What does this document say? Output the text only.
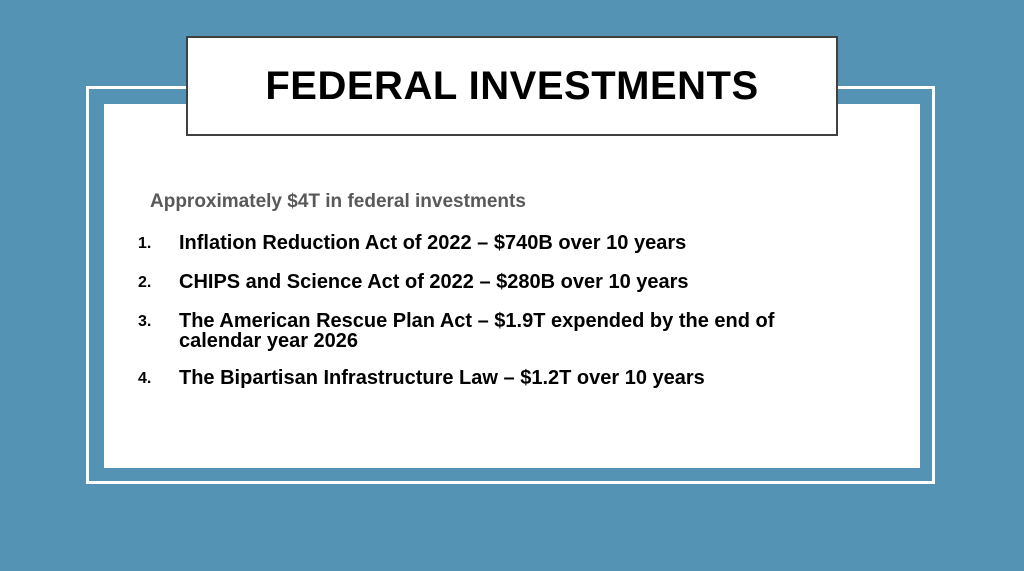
FEDERAL INVESTMENTS
Approximately $4T in federal investments
1.	Inflation Reduction Act of 2022 – $740B over 10 years
2.	CHIPS and Science Act of 2022 – $280B over 10 years
3.	The American Rescue Plan Act – $1.9T expended by the end of calendar year 2026
4.	The Bipartisan Infrastructure Law – $1.2T over 10 years
